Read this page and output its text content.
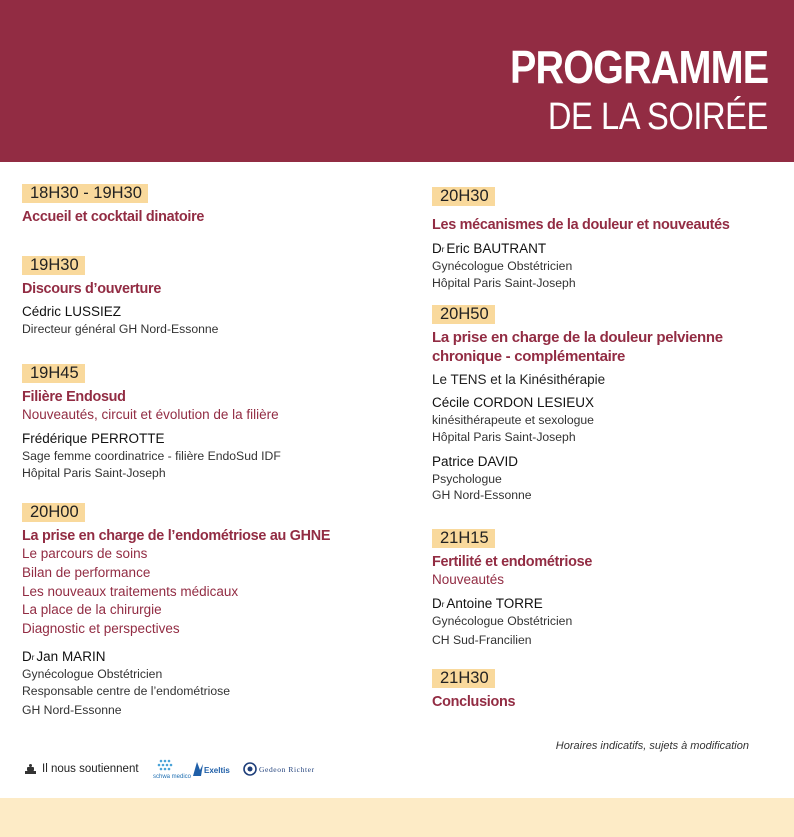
PROGRAMME
DE LA SOIRÉE
18H30 - 19H30
Accueil et cocktail dinatoire
19H30
Discours d’ouverture
Cédric LUSSIEZ
Directeur général GH Nord-Essonne
19H45
Filière Endosud
Nouveautés, circuit et évolution de la filière
Frédérique PERROTTE
Sage femme coordinatrice - filière EndoSud IDF
Hôpital Paris Saint-Joseph
20H00
La prise en charge de l’endométriose au GHNE
Le parcours de soins
Bilan de performance
Les nouveaux traitements médicaux
La place de la chirurgie
Diagnostic et perspectives
$D^r$ Jan MARIN
Gynécologue Obstétricien
Responsable centre de l’endométriose
GH Nord-Essonne
20H30
Les mécanismes de la douleur et nouveautés
$D^r$ Eric BAUTRANT
Gynécologue Obstétricien
Hôpital Paris Saint-Joseph
20H50
La prise en charge de la douleur pelvienne chronique - complémentaire
Le TENS et la Kinésithérapie
Cécile CORDON LESIEUX
kinésithérapeute et sexologue
Hôpital Paris Saint-Joseph
Patrice DAVID
Psychologue
GH Nord-Essonne
21H15
Fertilité et endométriose
Nouveautés
$D^r$ Antoine TORRE
Gynécologue Obstétricien
CH Sud-Francilien
21H30
Conclusions
Horaires indicatifs, sujets à modification
Il nous soutiennent
schwa medico
Exeltis	Gedeon Richter
